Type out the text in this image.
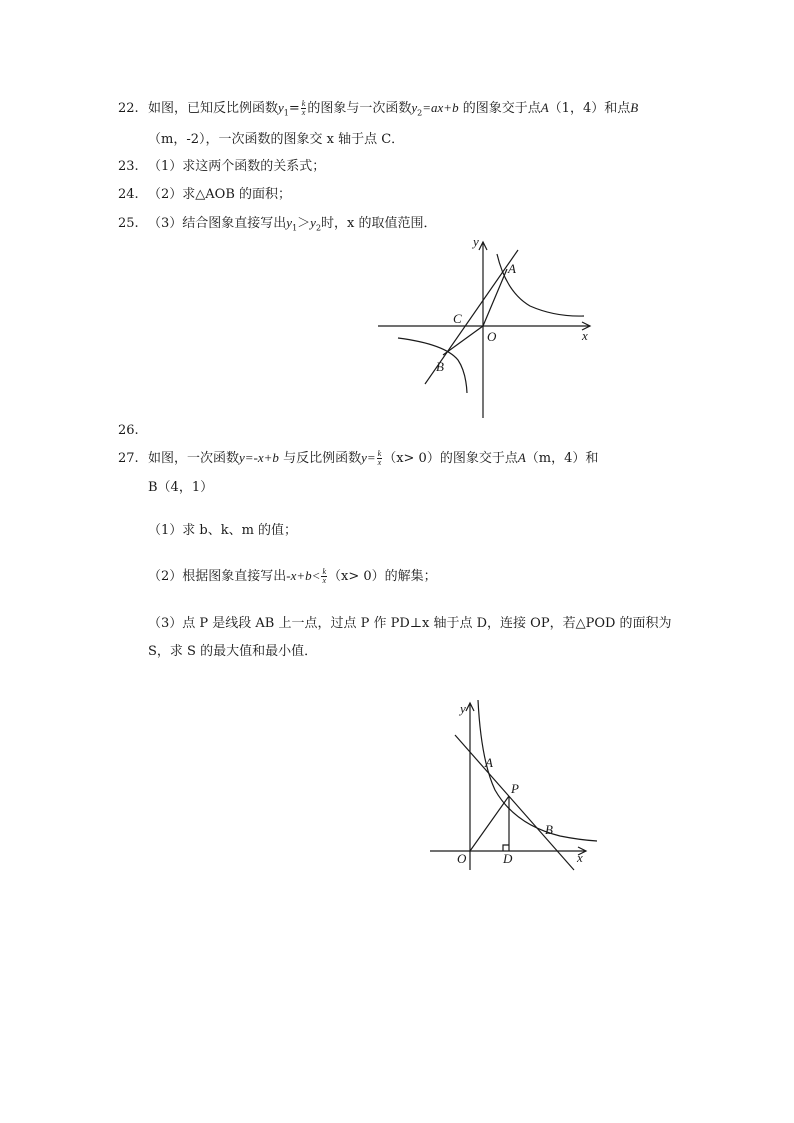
22. 如图，已知反比例函数$y_1= \frac{k}{x}$ 的图象与一次函数$y_2=ax+b$ 的图象交于点A（1，4）和点B
（m，-2），一次函数的图象交 x 轴于点 C．
23. （1）求这两个函数的关系式；
24. （2）求△AOB 的面积；
25. （3）结合图象直接写出$y_1>y_2$时，x 的取值范围．
y
x
A
B
C
O
26.
27. 如图，一次函数y=-x+b 与反比例函数$y= \frac{k}{x} (x> 0)$的图象交于点A（m，4）和
B（4，1）
（1）求 b、k、m 的值；
（2）根据图象直接写出$-x+b< \frac{k}{x} (x> 0)$的解集；
（3）点 P 是线段 AB 上一点，过点 P 作 PD⊥x 轴于点 D，连接 OP，若△POD 的面积为
S，求 S 的最大值和最小值．
y
x
A
B
P
O	D
